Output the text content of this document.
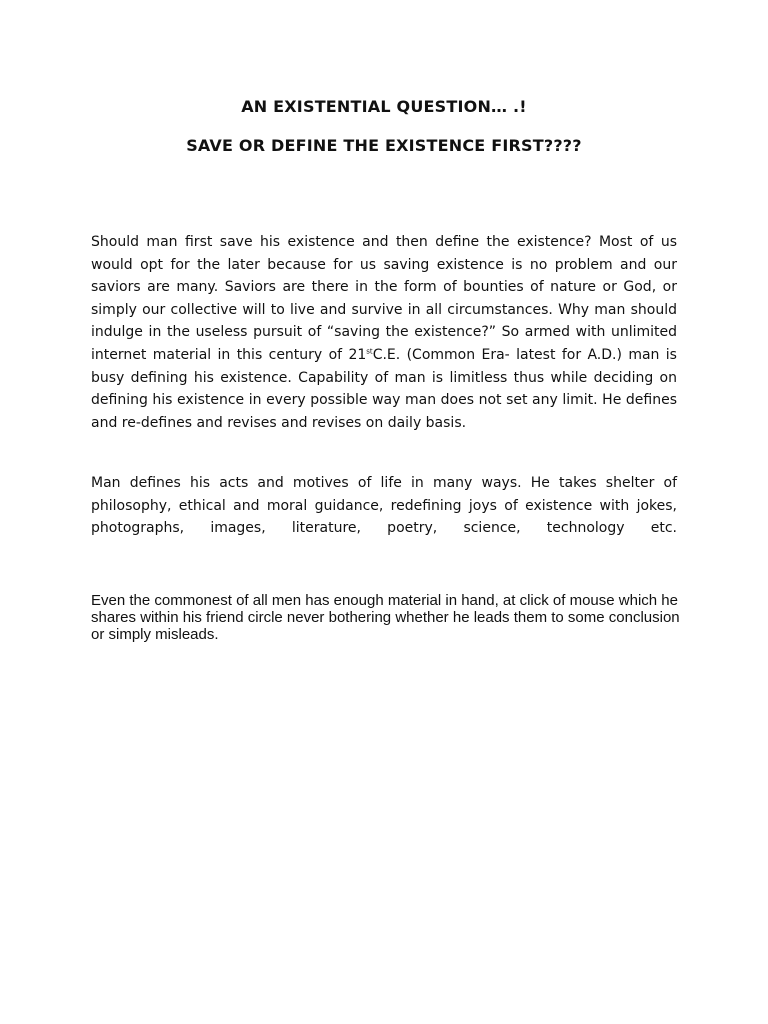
AN EXISTENTIAL QUESTION… .!
SAVE OR DEFINE THE EXISTENCE FIRST????

Should man first save his existence and then define the existence? Most of us would opt for the later because for us saving existence is no problem and our saviors are many. Saviors are there in the form of bounties of nature or God, or simply our collective will to live and survive in all circumstances. Why man should indulge in the useless pursuit of “saving the existence?” So armed with unlimited internet material in this century of 21stC.E. (Common Era- latest for A.D.) man is busy defining his existence. Capability of man is limitless thus while deciding on defining his existence in every possible way man does not set any limit. He defines and re-defines and revises and revises on daily basis.

Man defines his acts and motives of life in many ways. He takes shelter of philosophy, ethical and moral guidance, redefining joys of existence with jokes, photographs, images, literature, poetry, science, technology etc.

Even the commonest of all men has enough material in hand, at click of mouse which he shares within his friend circle never bothering whether he leads them to some conclusion or simply misleads.
